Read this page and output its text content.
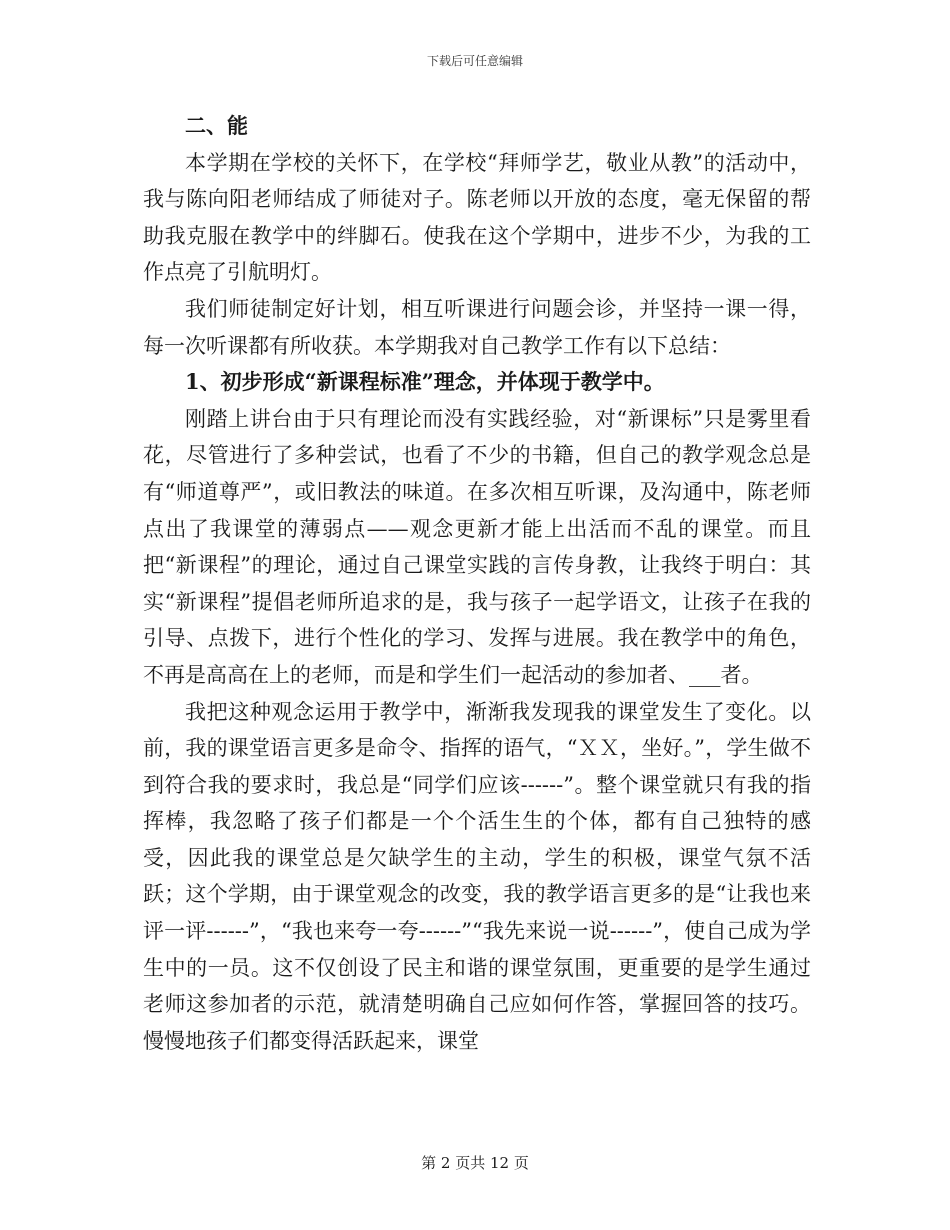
下载后可任意编辑

二、能

本学期在学校的关怀下，在学校“拜师学艺，敬业从教”的活动中，我与陈向阳老师结成了师徒对子。陈老师以开放的态度，毫无保留的帮助我克服在教学中的绊脚石。使我在这个学期中，进步不少，为我的工作点亮了引航明灯。

我们师徒制定好计划，相互听课进行问题会诊，并坚持一课一得，每一次听课都有所收获。本学期我对自己教学工作有以下总结：

1、初步形成“新课程标准”理念，并体现于教学中。

刚踏上讲台由于只有理论而没有实践经验，对“新课标”只是雾里看花，尽管进行了多种尝试，也看了不少的书籍，但自己的教学观念总是有“师道尊严”，或旧教法的味道。在多次相互听课，及沟通中，陈老师点出了我课堂的薄弱点——观念更新才能上出活而不乱的课堂。而且把“新课程”的理论，通过自己课堂实践的言传身教，让我终于明白：其实“新课程”提倡老师所追求的是，我与孩子一起学语文，让孩子在我的引导、点拨下，进行个性化的学习、发挥与进展。我在教学中的角色，不再是高高在上的老师，而是和学生们一起活动的参加者、___者。

我把这种观念运用于教学中，渐渐我发现我的课堂发生了变化。以前，我的课堂语言更多是命令、指挥的语气，“ＸＸ，坐好。”，学生做不到符合我的要求时，我总是“同学们应该------”。整个课堂就只有我的指挥棒，我忽略了孩子们都是一个个活生生的个体，都有自己独特的感受，因此我的课堂总是欠缺学生的主动，学生的积极，课堂气氛不活跃；这个学期，由于课堂观念的改变，我的教学语言更多的是“让我也来评一评------”，“我也来夸一夸------”“我先来说一说------”，使自己成为学生中的一员。这不仅创设了民主和谐的课堂氛围，更重要的是学生通过老师这参加者的示范，就清楚明确自己应如何作答，掌握回答的技巧。慢慢地孩子们都变得活跃起来，课堂

第 2 页共 12 页
